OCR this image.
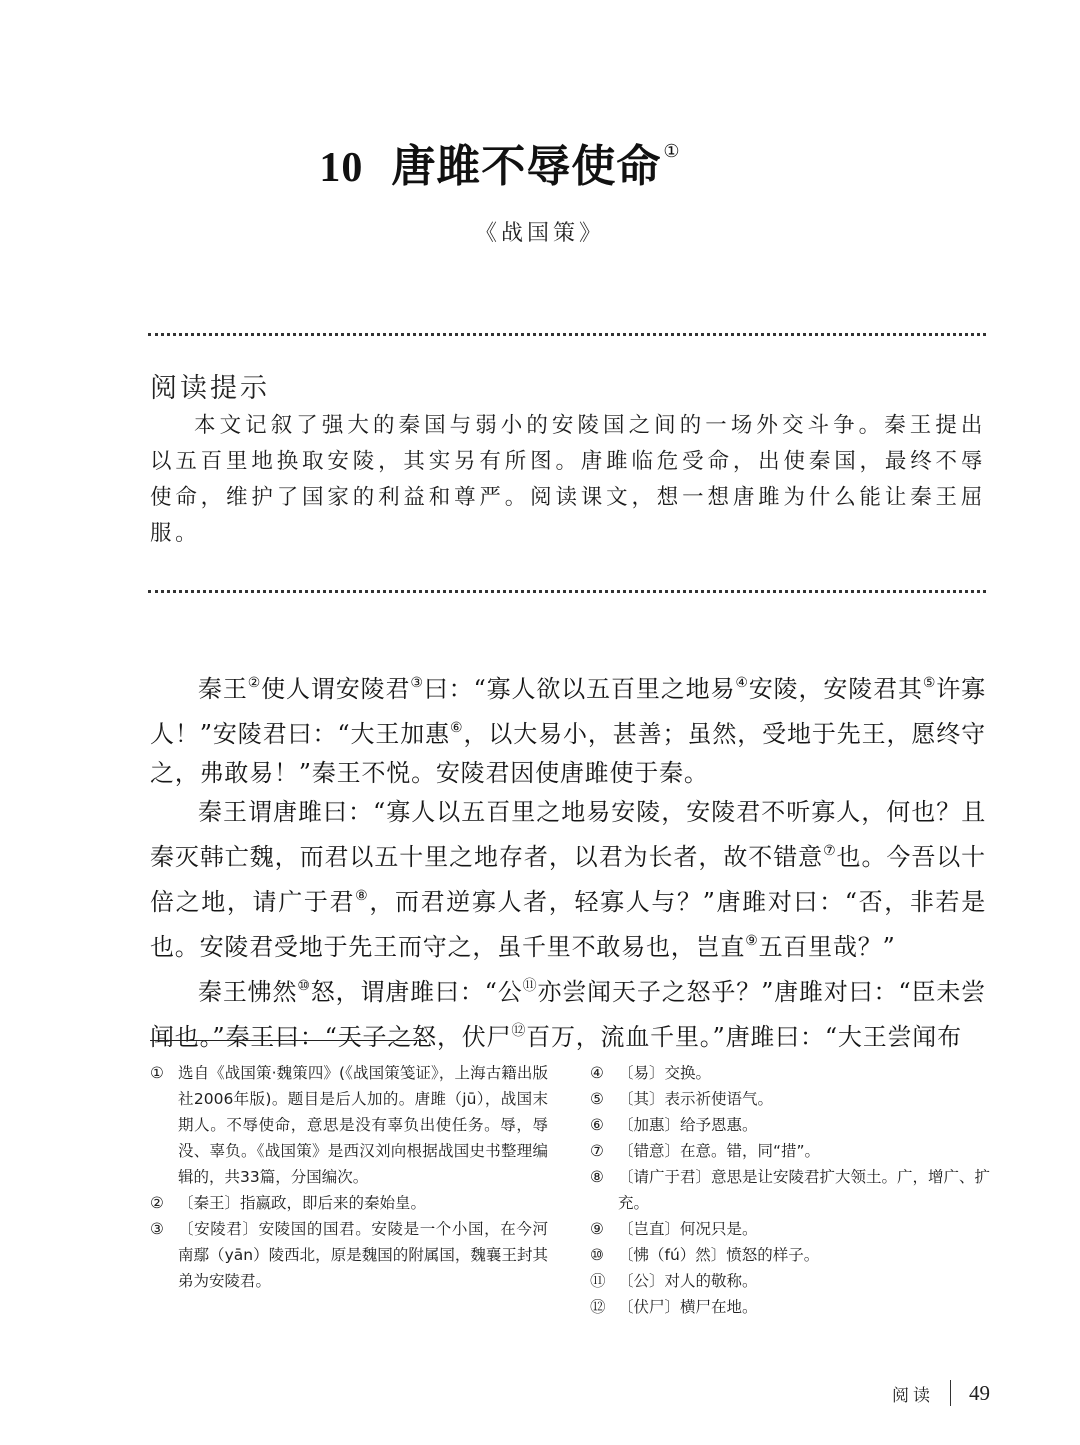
10 唐雎不辱使命 ①
《战国策》
阅读提示
本文记叙了强大的秦国与弱小的安陵国之间的一场外交斗争。秦王提出以五百里地换取安陵，其实另有所图。唐雎临危受命，出使秦国，最终不辱使命，维护了国家的利益和尊严。阅读课文，想一想唐雎为什么能让秦王屈服。

秦王②使人谓安陵君③曰：“寡人欲以五百里之地易④安陵，安陵君其⑤许寡人！”安陵君曰：“大王加惠⑥，以大易小，甚善；虽然，受地于先王，愿终守之，弗敢易！”秦王不悦。安陵君因使唐雎使于秦。

秦王谓唐雎曰：“寡人以五百里之地易安陵，安陵君不听寡人，何也？且秦灭韩亡魏，而君以五十里之地存者，以君为长者，故不错意⑦也。今吾以十倍之地，请广于君⑧，而君逆寡人者，轻寡人与？”唐雎对曰：“否，非若是也。安陵君受地于先王而守之，虽千里不敢易也，岂直⑨五百里哉？”

秦王怫然⑩怒，谓唐雎曰：“公⑪亦尝闻天子之怒乎？”唐雎对曰：“臣未尝闻也。”秦王曰：“天子之怒，伏尸⑫百万，流血千里。”唐雎曰：“大王尝闻布

① 选自《战国策·魏策四》(《战国策笺证》，上海古籍出版社2006年版)。题目是后人加的。唐雎（jū），战国末期人。不辱使命，意思是没有辜负出使任务。辱，辱没、辜负。《战国策》是西汉刘向根据战国史书整理编辑的，共33篇，分国编次。
② 〔秦王〕指嬴政，即后来的秦始皇。
③ 〔安陵君〕安陵国的国君。安陵是一个小国，在今河南鄢（yān）陵西北，原是魏国的附属国，魏襄王封其弟为安陵君。
④ 〔易〕交换。
⑤ 〔其〕表示祈使语气。
⑥ 〔加惠〕给予恩惠。
⑦ 〔错意〕在意。错，同“措”。
⑧ 〔请广于君〕意思是让安陵君扩大领土。广，增广、扩充。
⑨ 〔岂直〕何况只是。
⑩ 〔怫（fú）然〕愤怒的样子。
⑪ 〔公〕对人的敬称。
⑫ 〔伏尸〕横尸在地。
阅读 49
